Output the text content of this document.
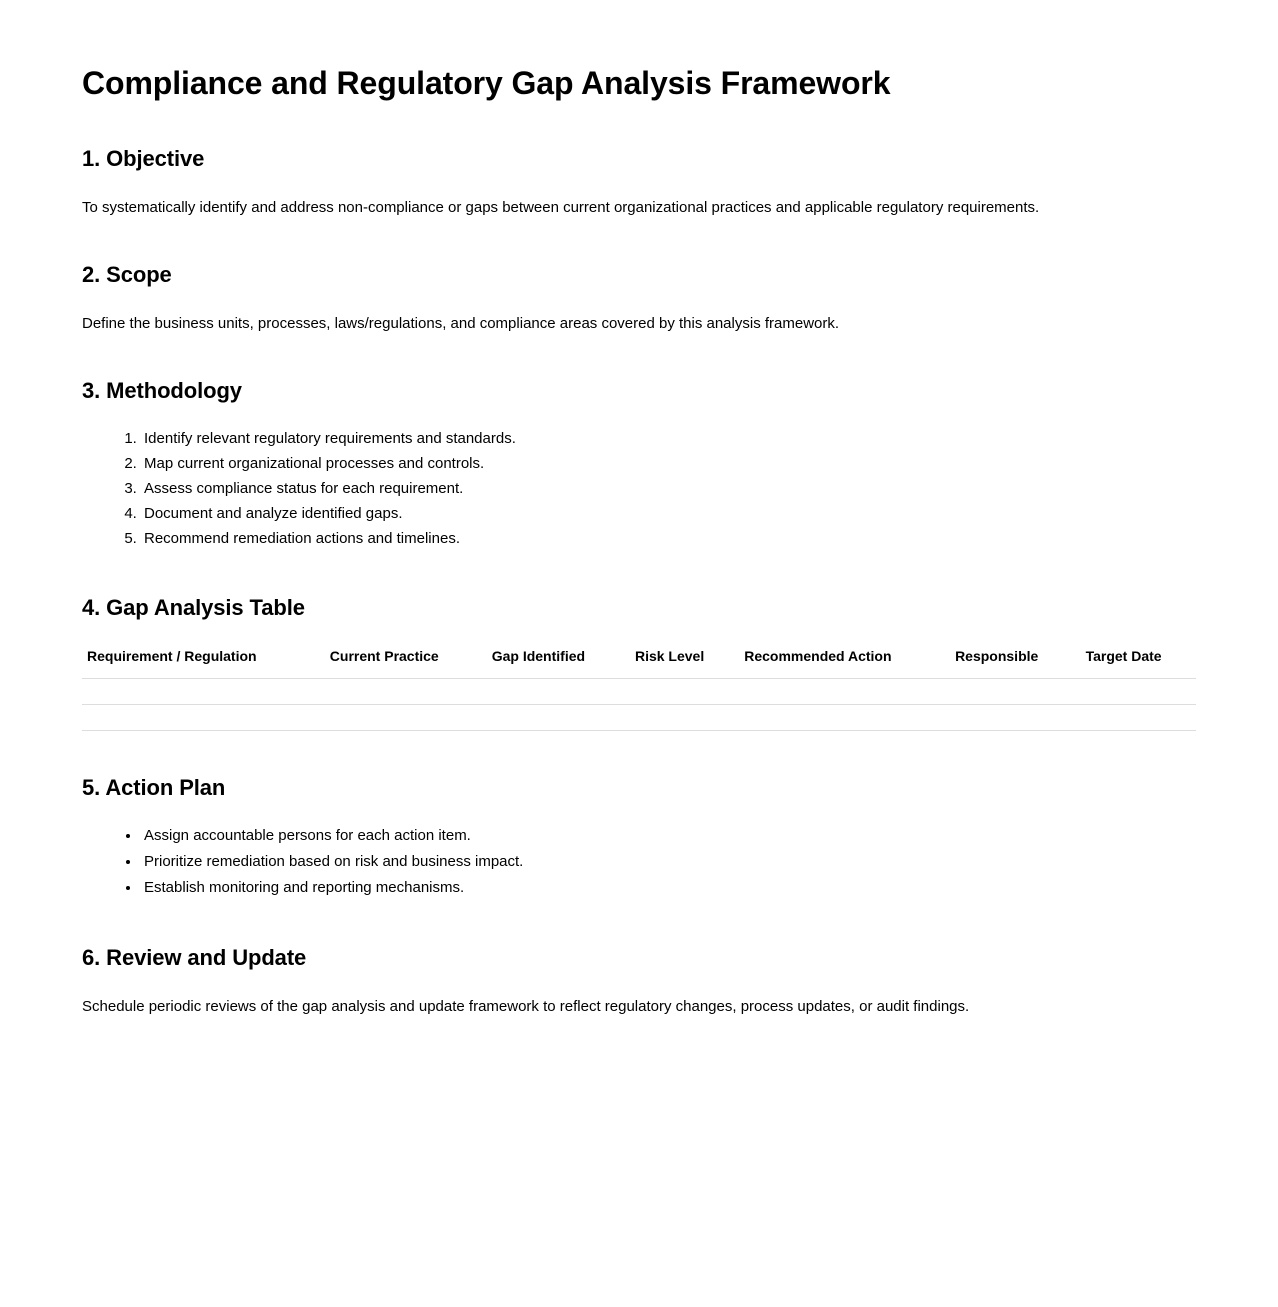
Compliance and Regulatory Gap Analysis Framework
1. Objective

To systematically identify and address non-compliance or gaps between current organizational practices and applicable regulatory requirements.

2. Scope

Define the business units, processes, laws/regulations, and compliance areas covered by this analysis framework.

3. Methodology
1. Identify relevant regulatory requirements and standards.
2. Map current organizational processes and controls.
3. Assess compliance status for each requirement.
4. Document and analyze identified gaps.
5. Recommend remediation actions and timelines.
4. Gap Analysis Table
Requirement / Regulation	Current Practice	Gap Identified	Risk Level	Recommended Action	Responsible	Target Date

5. Action Plan
• Assign accountable persons for each action item.
• Prioritize remediation based on risk and business impact.
• Establish monitoring and reporting mechanisms.
6. Review and Update

Schedule periodic reviews of the gap analysis and update framework to reflect regulatory changes, process updates, or audit findings.
